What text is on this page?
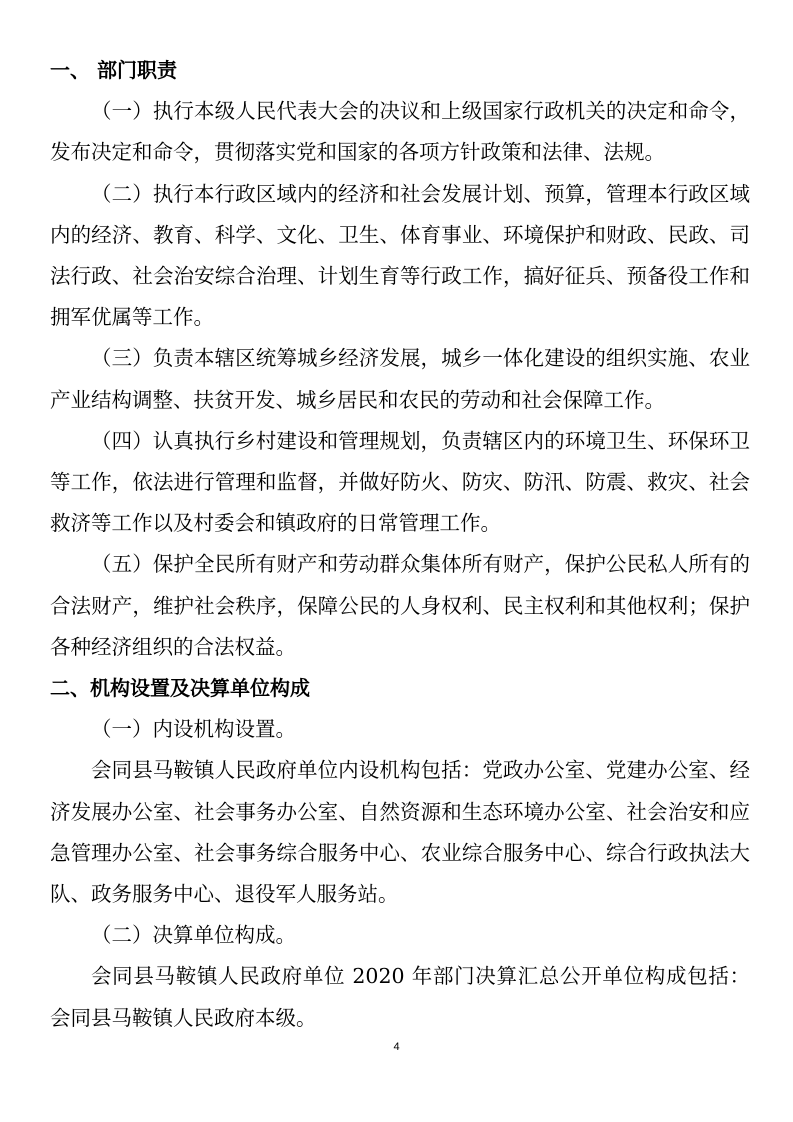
一、 部门职责

（一）执行本级人民代表大会的决议和上级国家行政机关的决定和命令，发布决定和命令，贯彻落实党和国家的各项方针政策和法律、法规。

（二）执行本行政区域内的经济和社会发展计划、预算，管理本行政区域内的经济、教育、科学、文化、卫生、体育事业、环境保护和财政、民政、司法行政、社会治安综合治理、计划生育等行政工作，搞好征兵、预备役工作和拥军优属等工作。

（三）负责本辖区统筹城乡经济发展，城乡一体化建设的组织实施、农业产业结构调整、扶贫开发、城乡居民和农民的劳动和社会保障工作。

（四）认真执行乡村建设和管理规划，负责辖区内的环境卫生、环保环卫等工作，依法进行管理和监督，并做好防火、防灾、防汛、防震、救灾、社会救济等工作以及村委会和镇政府的日常管理工作。

（五）保护全民所有财产和劳动群众集体所有财产，保护公民私人所有的合法财产，维护社会秩序，保障公民的人身权利、民主权利和其他权利；保护各种经济组织的合法权益。

二、机构设置及决算单位构成

（一）内设机构设置。

会同县马鞍镇人民政府单位内设机构包括：党政办公室、党建办公室、经济发展办公室、社会事务办公室、自然资源和生态环境办公室、社会治安和应急管理办公室、社会事务综合服务中心、农业综合服务中心、综合行政执法大队、政务服务中心、退役军人服务站。

（二）决算单位构成。

会同县马鞍镇人民政府单位 2020 年部门决算汇总公开单位构成包括：会同县马鞍镇人民政府本级。

4
